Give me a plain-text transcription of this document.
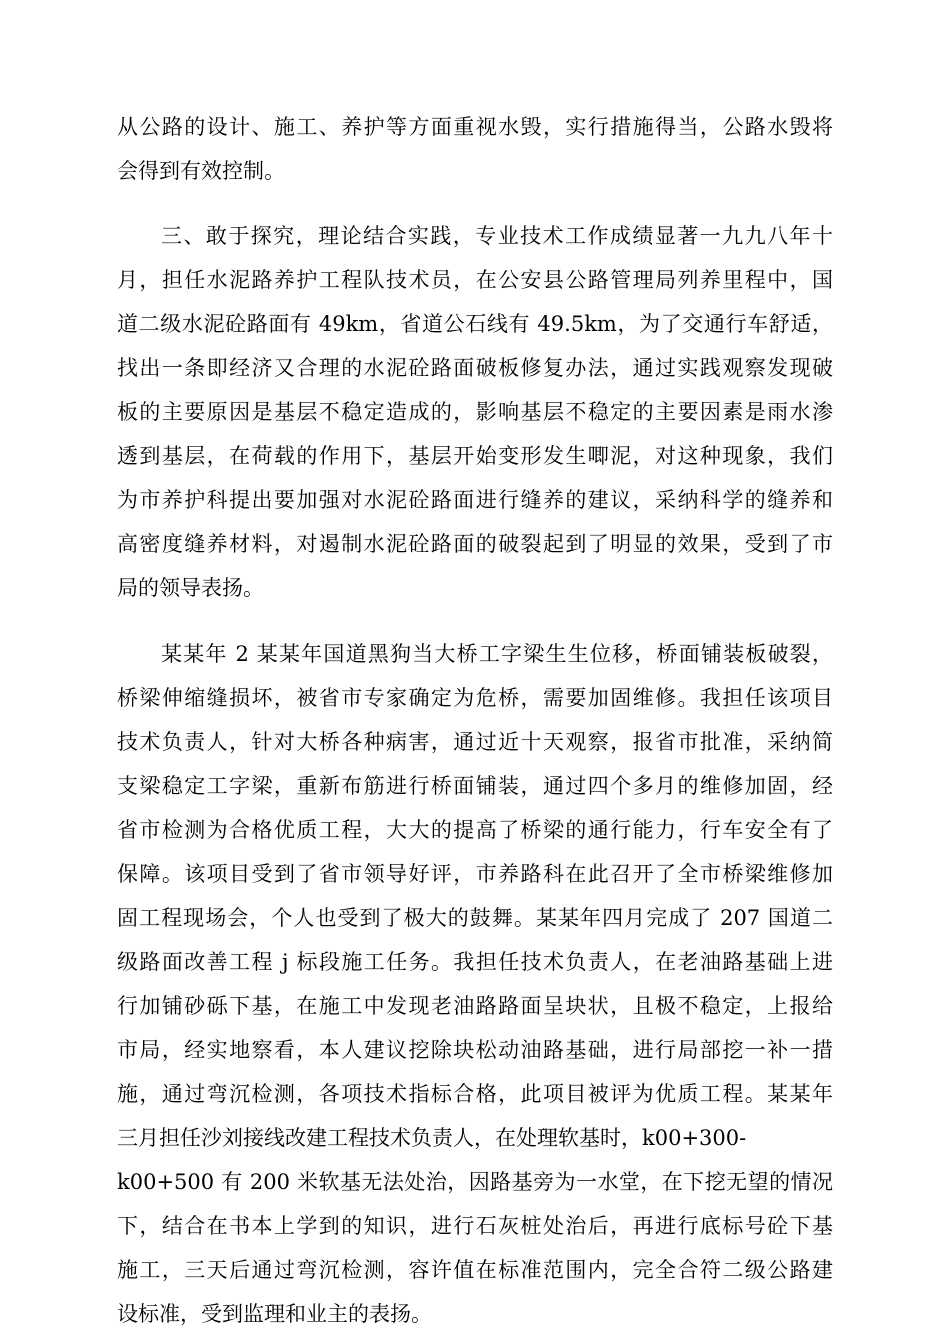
从公路的设计、施工、养护等方面重视水毁，实行措施得当，公路水毁将
会得到有效控制。
三、敢于探究，理论结合实践，专业技术工作成绩显著一九九八年十
月，担任水泥路养护工程队技术员，在公安县公路管理局列养里程中，国
道二级水泥砼路面有 49km，省道公石线有 49.5km，为了交通行车舒适，
找出一条即经济又合理的水泥砼路面破板修复办法，通过实践观察发现破
板的主要原因是基层不稳定造成的，影响基层不稳定的主要因素是雨水渗
透到基层，在荷载的作用下，基层开始变形发生唧泥，对这种现象，我们
为市养护科提出要加强对水泥砼路面进行缝养的建议，采纳科学的缝养和
高密度缝养材料，对遏制水泥砼路面的破裂起到了明显的效果，受到了市
局的领导表扬。
某某年 2 某某年国道黑狗当大桥工字梁生生位移，桥面铺装板破裂，
桥梁伸缩缝损坏，被省市专家确定为危桥，需要加固维修。我担任该项目
技术负责人，针对大桥各种病害，通过近十天观察，报省市批准，采纳简
支梁稳定工字梁，重新布筋进行桥面铺装，通过四个多月的维修加固，经
省市检测为合格优质工程，大大的提高了桥梁的通行能力，行车安全有了
保障。该项目受到了省市领导好评，市养路科在此召开了全市桥梁维修加
固工程现场会，个人也受到了极大的鼓舞。某某年四月完成了 207 国道二
级路面改善工程 j 标段施工任务。我担任技术负责人，在老油路基础上进
行加铺砂砾下基，在施工中发现老油路路面呈块状，且极不稳定，上报给
市局，经实地察看，本人建议挖除块松动油路基础，进行局部挖一补一措
施，通过弯沉检测，各项技术指标合格，此项目被评为优质工程。某某年
三月担任沙刘接线改建工程技术负责人，在处理软基时，k00+300-
k00+500 有 200 米软基无法处治，因路基旁为一水堂，在下挖无望的情况
下，结合在书本上学到的知识，进行石灰桩处治后，再进行底标号砼下基
施工，三天后通过弯沉检测，容许值在标准范围内，完全合符二级公路建
设标准，受到监理和业主的表扬。
